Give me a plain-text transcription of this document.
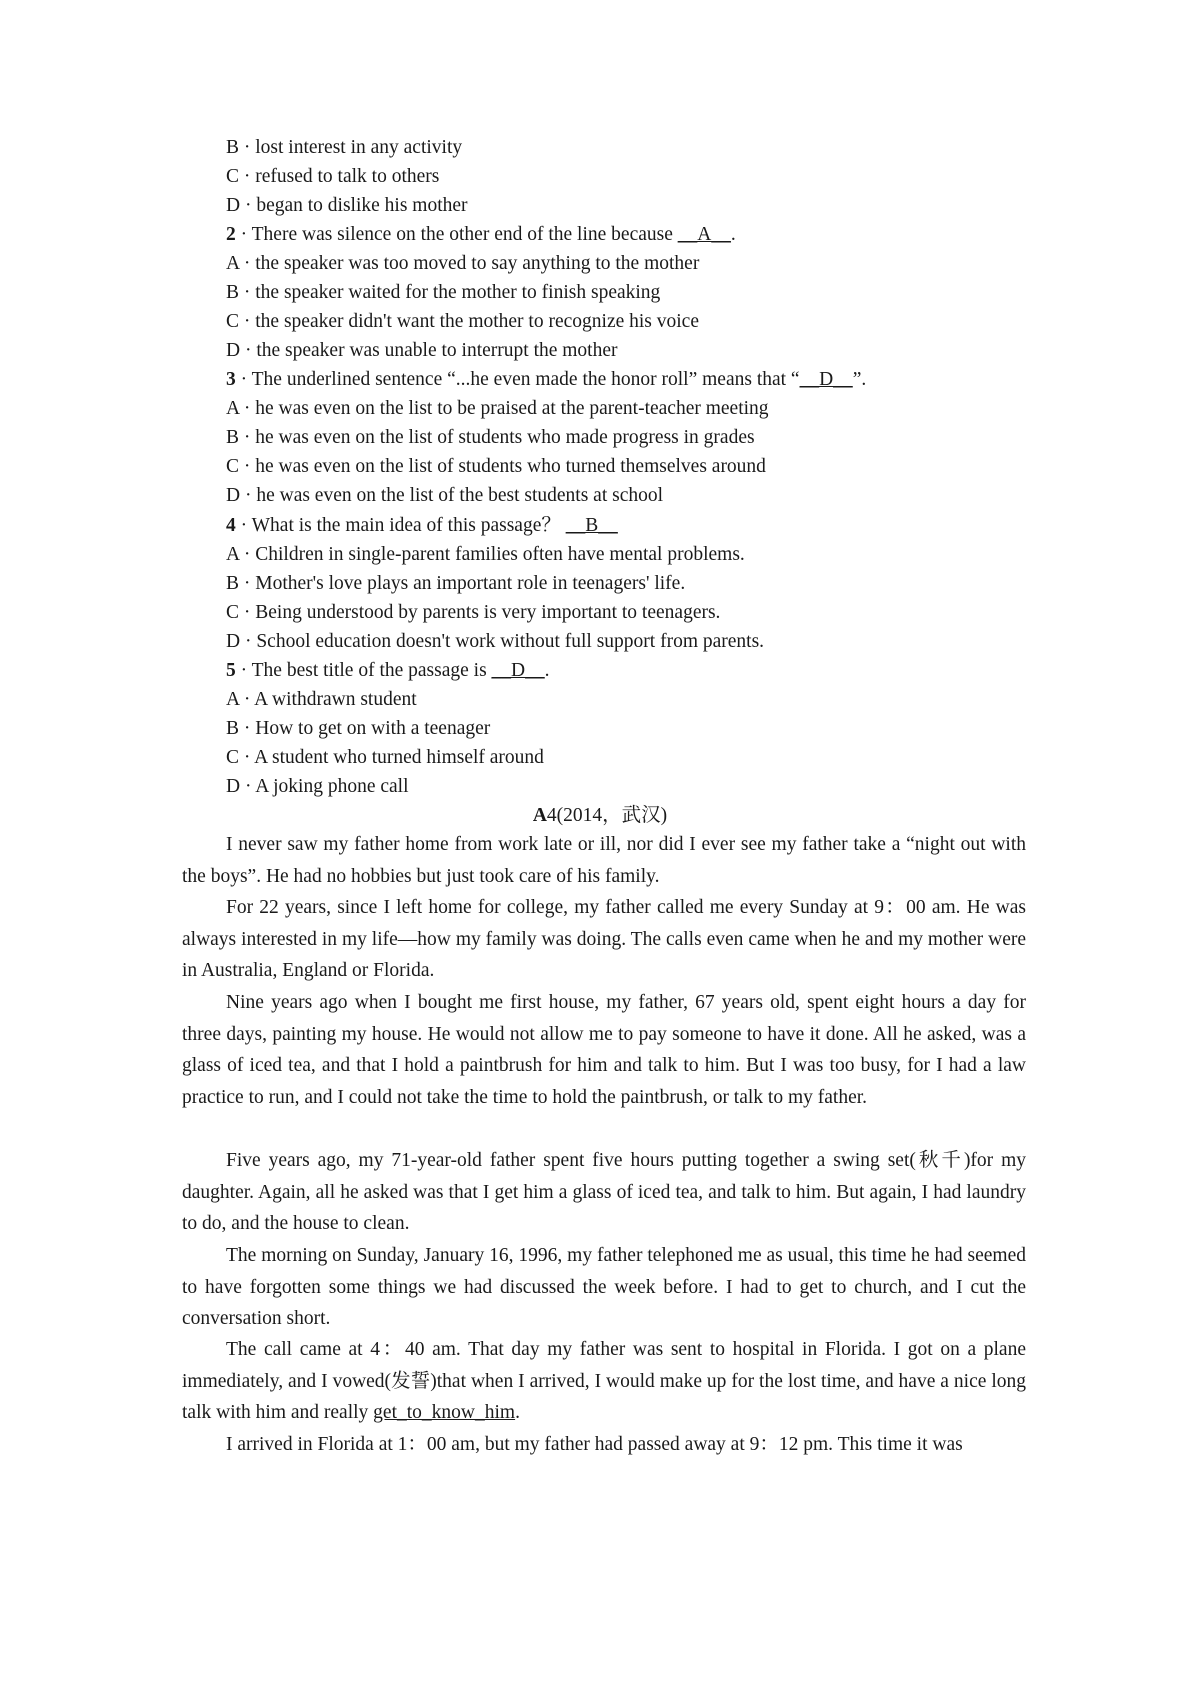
B · lost interest in any activity
C · refused to talk to others
D · began to dislike his mother
2 · There was silence on the other end of the line because __A__.
A · the speaker was too moved to say anything to the mother
B · the speaker waited for the mother to finish speaking
C · the speaker didn't want the mother to recognize his voice
D · the speaker was unable to interrupt the mother
3 · The underlined sentence “...he even made the honor roll” means that “__D__”.
A · he was even on the list to be praised at the parent-teacher meeting
B · he was even on the list of students who made progress in grades
C · he was even on the list of students who turned themselves around
D · he was even on the list of the best students at school
4 · What is the main idea of this passage？ __B__
A · Children in single-parent families often have mental problems.
B · Mother's love plays an important role in teenagers' life.
C · Being understood by parents is very important to teenagers.
D · School education doesn't work without full support from parents.
5 · The best title of the passage is __D__.
A · A withdrawn student
B · How to get on with a teenager
C · A student who turned himself around
D · A joking phone call
A4(2014，武汉)
I never saw my father home from work late or ill, nor did I ever see my father take a “night out with the boys”. He had no hobbies but just took care of his family.
For 22 years, since I left home for college, my father called me every Sunday at 9：00 am. He was always interested in my life—how my family was doing. The calls even came when he and my mother were in Australia, England or Florida.
Nine years ago when I bought me first house, my father, 67 years old, spent eight hours a day for three days, painting my house. He would not allow me to pay someone to have it done. All he asked, was a glass of iced tea, and that I hold a paintbrush for him and talk to him. But I was too busy, for I had a law practice to run, and I could not take the time to hold the paintbrush, or talk to my father.
Five years ago, my 71-year-old father spent five hours putting together a swing set(秋千)for my daughter. Again, all he asked was that I get him a glass of iced tea, and talk to him. But again, I had laundry to do, and the house to clean.
The morning on Sunday, January 16, 1996, my father telephoned me as usual, this time he had seemed to have forgotten some things we had discussed the week before. I had to get to church, and I cut the conversation short.
The call came at 4：40 am. That day my father was sent to hospital in Florida. I got on a plane immediately, and I vowed(发誓)that when I arrived, I would make up for the lost time, and have a nice long talk with him and really get_to_know_him.
I arrived in Florida at 1：00 am, but my father had passed away at 9：12 pm. This time it was
